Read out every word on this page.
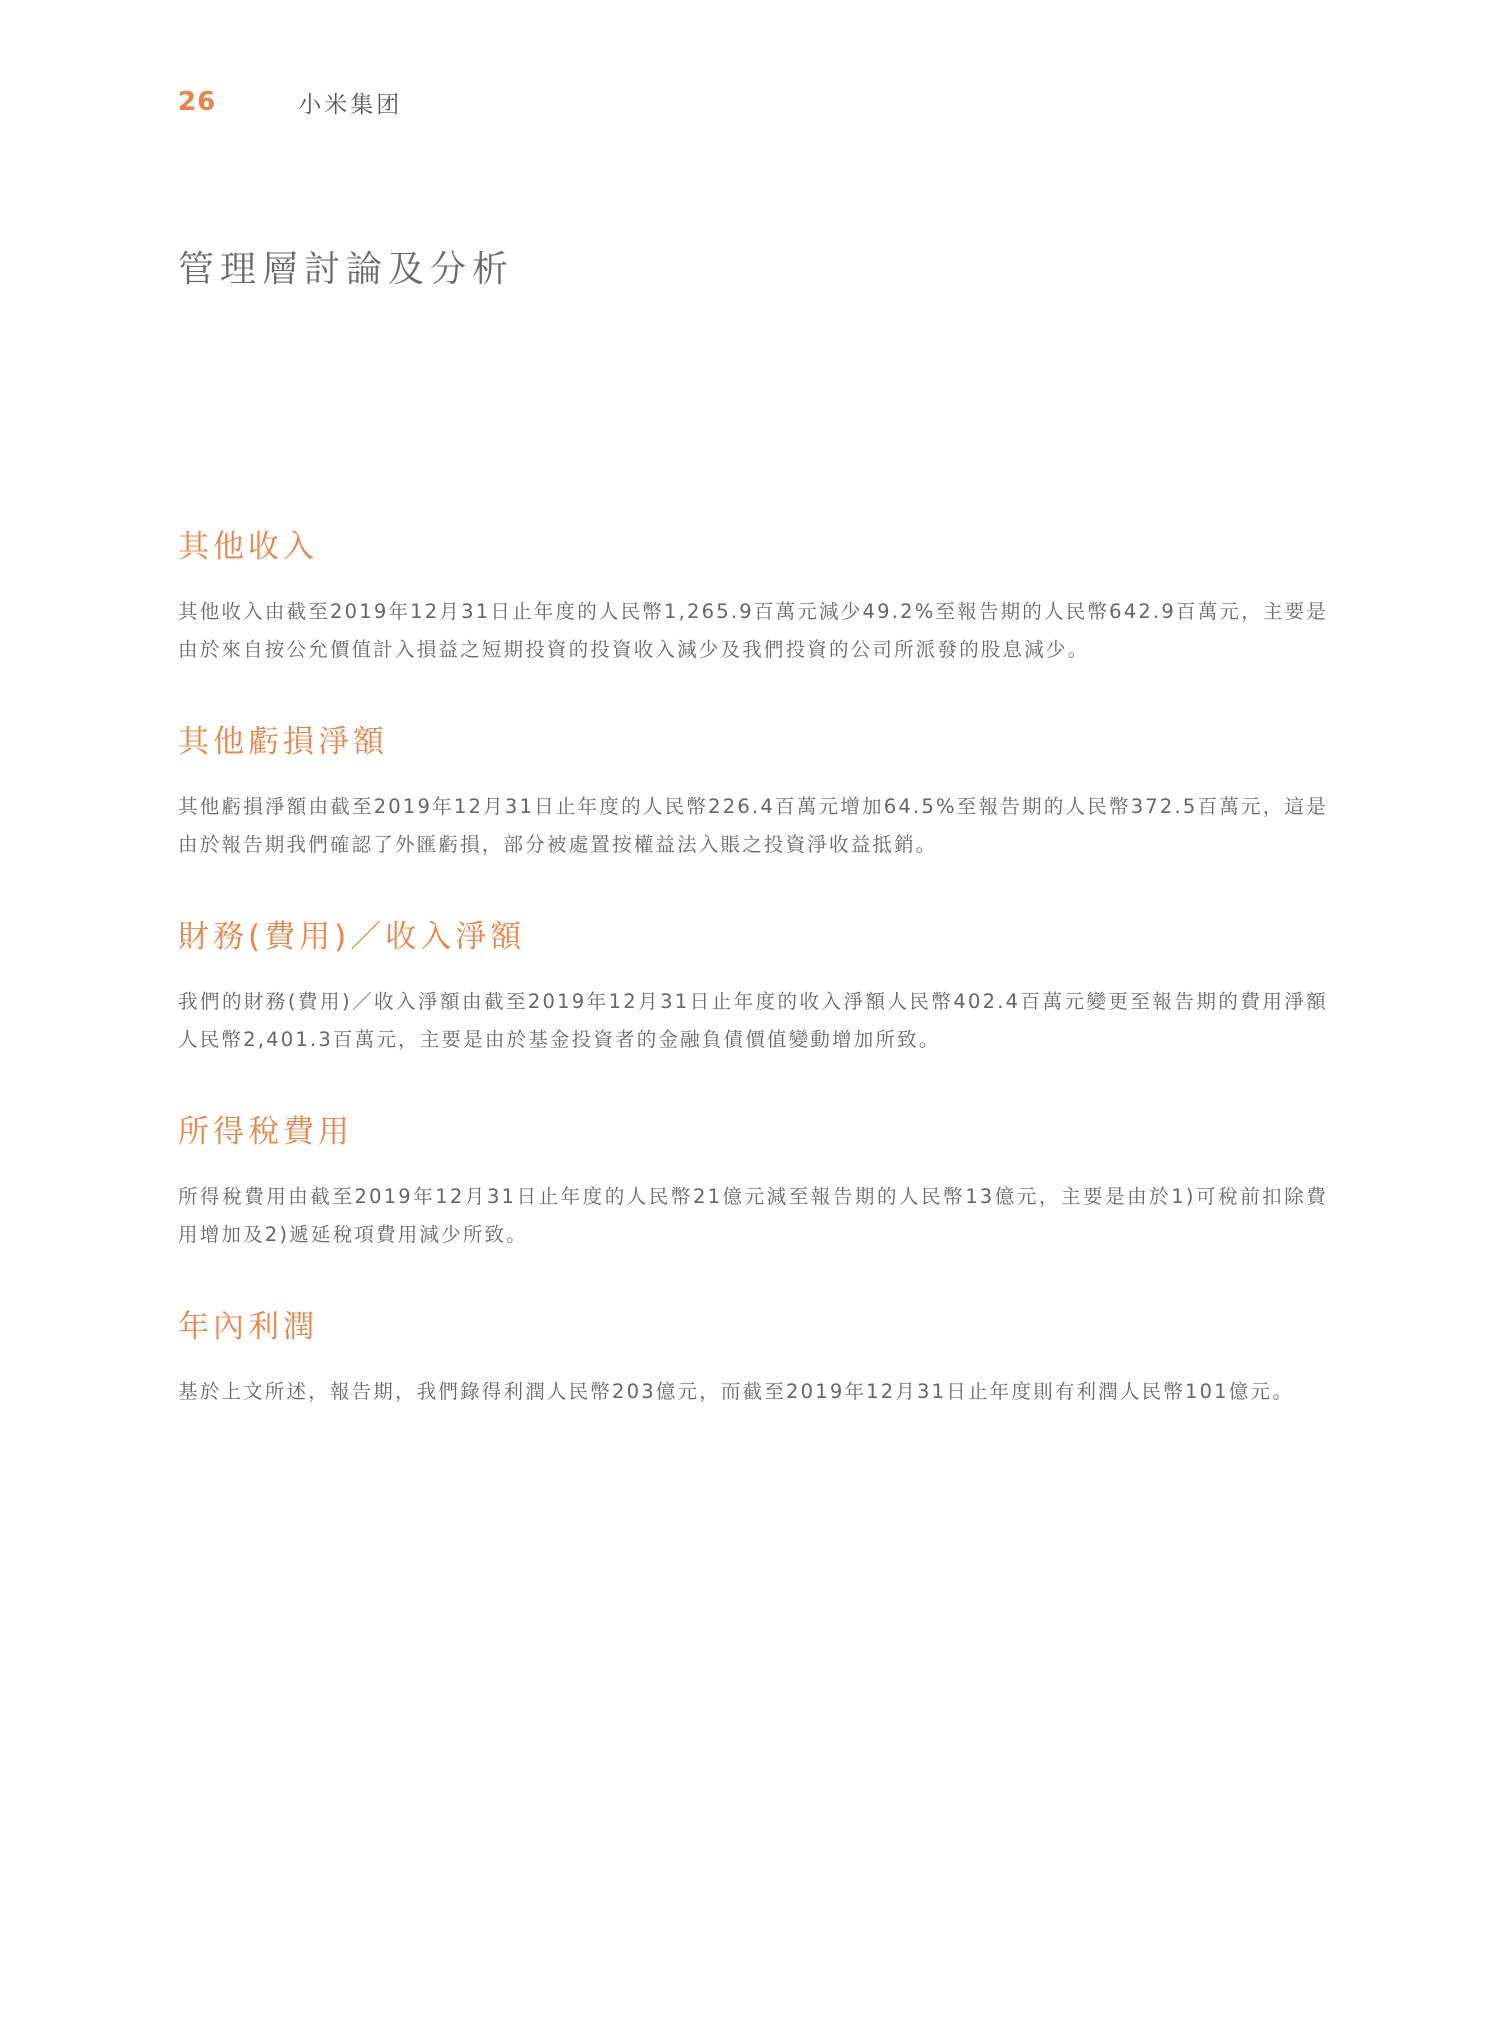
26	小米集团
管理層討論及分析
其他收入

其他收入由截至2019年12月31日止年度的人民幣1,265.9百萬元減少49.2%至報告期的人民幣642.9百萬元，主要是由於來自按公允價值計入損益之短期投資的投資收入減少及我們投資的公司所派發的股息減少。

其他虧損淨額

其他虧損淨額由截至2019年12月31日止年度的人民幣226.4百萬元增加64.5%至報告期的人民幣372.5百萬元，這是由於報告期我們確認了外匯虧損，部分被處置按權益法入賬之投資淨收益抵銷。

財務(費用)／收入淨額

我們的財務(費用)／收入淨額由截至2019年12月31日止年度的收入淨額人民幣402.4百萬元變更至報告期的費用淨額人民幣2,401.3百萬元，主要是由於基金投資者的金融負債價值變動增加所致。

所得稅費用

所得稅費用由截至2019年12月31日止年度的人民幣21億元減至報告期的人民幣13億元，主要是由於1)可稅前扣除費用增加及2)遞延稅項費用減少所致。

年內利潤

基於上文所述，報告期，我們錄得利潤人民幣203億元，而截至2019年12月31日止年度則有利潤人民幣101億元。
